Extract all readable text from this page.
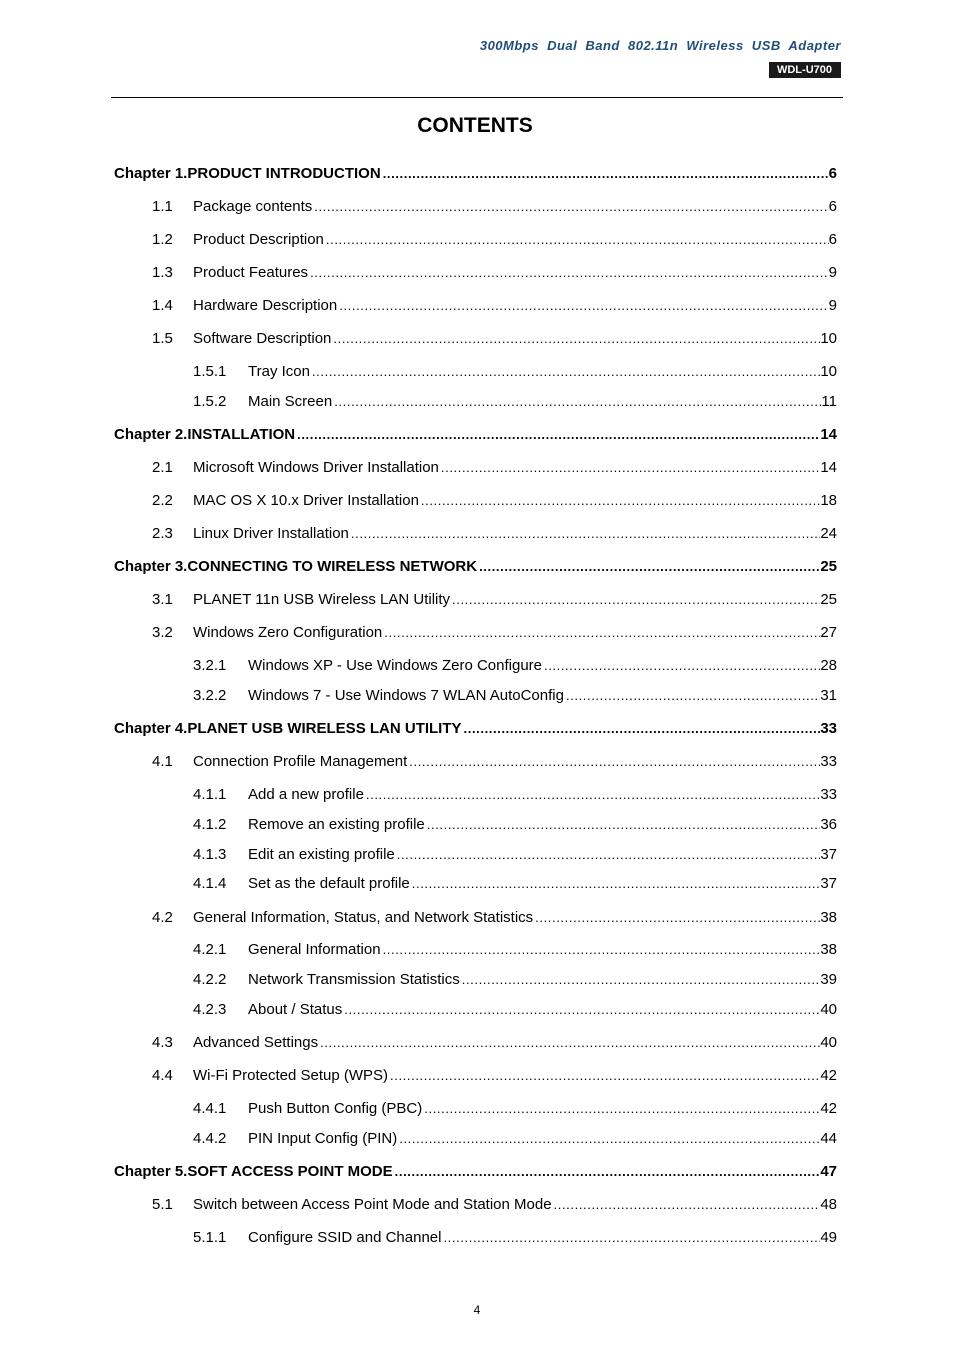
300Mbps Dual Band 802.11n Wireless USB Adapter
WDL-U700
CONTENTS
Chapter 1.PRODUCT INTRODUCTION .....	6
1.1 Package contents .....	6
1.2 Product Description .....	6
1.3 Product Features .....	9
1.4 Hardware Description .....	9
1.5 Software Description .....	10
1.5.1 Tray Icon .....	10
1.5.2 Main Screen .....	11
Chapter 2.INSTALLATION .....	14
2.1 Microsoft Windows Driver Installation .....	14
2.2 MAC OS X 10.x Driver Installation .....	18
2.3 Linux Driver Installation .....	24
Chapter 3.CONNECTING TO WIRELESS NETWORK .....	25
3.1 PLANET 11n USB Wireless LAN Utility .....	25
3.2 Windows Zero Configuration .....	27
3.2.1 Windows XP - Use Windows Zero Configure .....	28
3.2.2 Windows 7 - Use Windows 7 WLAN AutoConfig .....	31
Chapter 4.PLANET USB WIRELESS LAN UTILITY .....	33
4.1 Connection Profile Management .....	33
4.1.1 Add a new profile .....	33
4.1.2 Remove an existing profile .....	36
4.1.3 Edit an existing profile .....	37
4.1.4 Set as the default profile .....	37
4.2 General Information, Status, and Network Statistics .....	38
4.2.1 General Information .....	38
4.2.2 Network Transmission Statistics .....	39
4.2.3 About / Status .....	40
4.3 Advanced Settings .....	40
4.4 Wi-Fi Protected Setup (WPS) .....	42
4.4.1 Push Button Config (PBC) .....	42
4.4.2 PIN Input Config (PIN) .....	44
Chapter 5.SOFT ACCESS POINT MODE .....	47
5.1 Switch between Access Point Mode and Station Mode .....	48
5.1.1 Configure SSID and Channel .....	49
4
